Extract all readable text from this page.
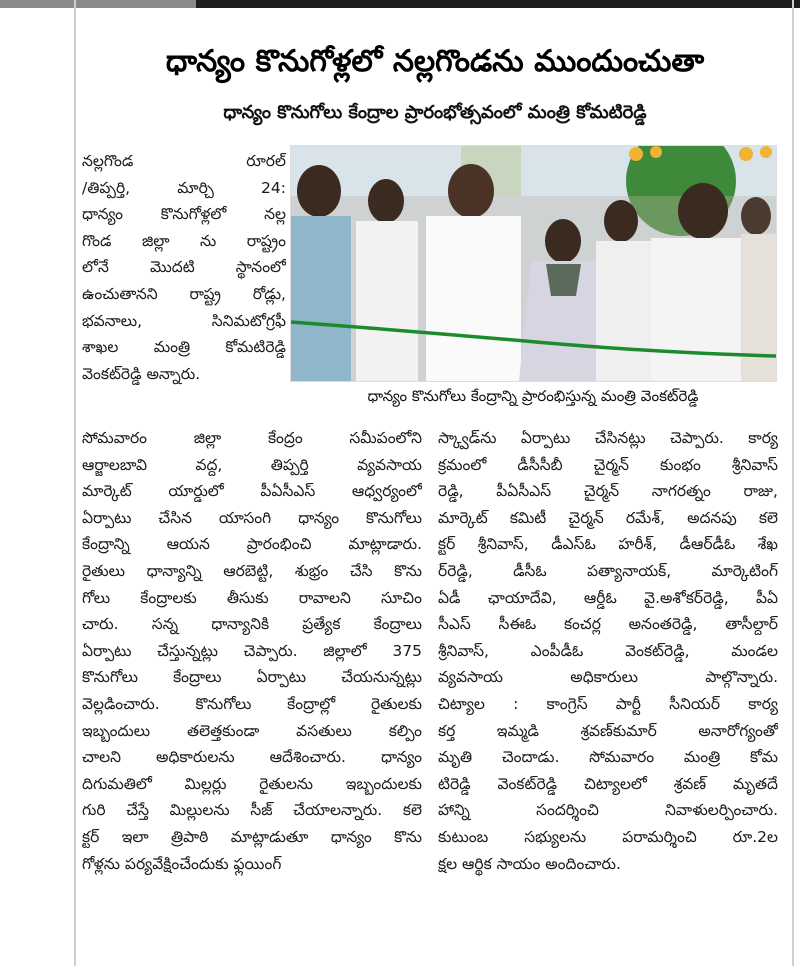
ధాన్యం కొనుగోళ్లలో నల్లగొండను ముందుంచుతా
ధాన్యం కొనుగోలు కేంద్రాల ప్రారంభోత్సవంలో మంత్రి కోమటిరెడ్డి
నల్లగొండ రూరల్
/తిప్పర్తి, మార్చి 24:
ధాన్యం కొనుగోళ్లలో నల్ల
గొండ జిల్లా ను రాష్ట్రం
లోనే మొదటి స్థానంలో
ఉంచుతానని రాష్ట్ర రోడ్లు,
భవనాలు, సినిమటోగ్రఫీ
శాఖల మంత్రి కోమటిరెడ్డి
వెంకట్‌రెడ్డి అన్నారు.
ధాన్యం కొనుగోలు కేంద్రాన్ని ప్రారంభిస్తున్న మంత్రి వెంకట్‌రెడ్డి
సోమవారం జిల్లా కేంద్రం సమీపంలోని
ఆర్జాలబావి వద్ద, తిప్పర్తి వ్యవసాయ
మార్కెట్ యార్డులో పీఏసీఎస్ ఆధ్వర్యంలో
ఏర్పాటు చేసిన యాసంగి ధాన్యం కొనుగోలు
కేంద్రాన్ని ఆయన ప్రారంభించి మాట్లాడారు.
రైతులు ధాన్యాన్ని ఆరబెట్టి, శుభ్రం చేసి కొను
గోలు కేంద్రాలకు తీసుకు రావాలని సూచిం
చారు. సన్న ధాన్యానికి ప్రత్యేక కేంద్రాలు
ఏర్పాటు చేస్తున్నట్లు చెప్పారు. జిల్లాలో 375
కొనుగోలు కేంద్రాలు ఏర్పాటు చేయనున్నట్లు
వెల్లడించారు. కొనుగోలు కేంద్రాల్లో రైతులకు
ఇబ్బందులు తలెత్తకుండా వసతులు కల్పిం
చాలని అధికారులను ఆదేశించారు. ధాన్యం
దిగుమతిలో మిల్లర్లు రైతులను ఇబ్బందులకు
గురి చేస్తే మిల్లులను సీజ్ చేయాలన్నారు. కలె
క్టర్ ఇలా త్రిపాఠి మాట్లాడుతూ ధాన్యం కొను
గోళ్లను పర్యవేక్షించేందుకు ఫ్లయింగ్
స్క్వాడ్‌ను ఏర్పాటు చేసినట్లు చెప్పారు. కార్య
క్రమంలో డీసీసీబీ చైర్మన్ కుంభం శ్రీనివాస్
రెడ్డి, పీఏసీఎస్ చైర్మన్ నాగరత్నం రాజు,
మార్కెట్ కమిటీ చైర్మన్ రమేశ్, అదనపు కలె
క్టర్ శ్రీనివాస్, డీఎస్‌ఓ హరీశ్, డీఆర్‌డీఓ శేఖ
ర్‌రెడ్డి, డీసీఓ పత్యానాయక్, మార్కెటింగ్
ఏడీ ఛాయాదేవి, ఆర్డీఓ వై.అశోకర్‌రెడ్డి, పీఏ
సీఎస్ సీఈఓ కంచర్ల అనంతరెడ్డి, తాసీల్దార్
శ్రీనివాస్, ఎంపీడీఓ వెంకట్‌రెడ్డి, మండల
వ్యవసాయ అధికారులు పాల్గొన్నారు.
చిట్యాల : కాంగ్రెస్ పార్టీ సీనియర్ కార్య
కర్త ఇమ్మడి శ్రవణ్‌కుమార్ అనారోగ్యంతో
మృతి చెందాడు. సోమవారం మంత్రి కోమ
టిరెడ్డి వెంకట్‌రెడ్డి చిట్యాలలో శ్రవణ్ మృతదే
హాన్ని సందర్శించి నివాళులర్పించారు.
కుటుంబ సభ్యులను పరామర్శించి రూ.2ల
క్షల ఆర్థిక సాయం అందించారు.
